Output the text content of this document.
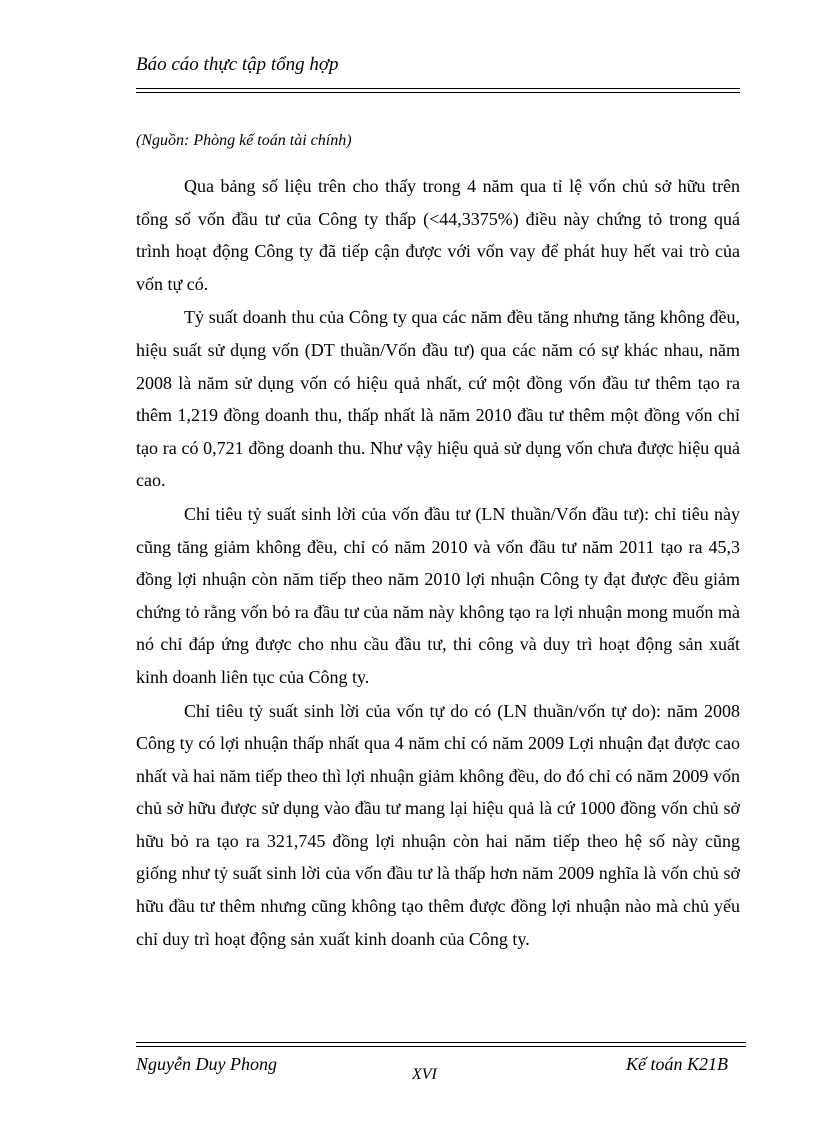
Báo cáo thực tập tổng hợp
(Nguồn: Phòng kế toán tài chính)

Qua bảng số liệu trên cho thấy trong 4 năm qua tỉ lệ vốn chủ sở hữu trên tổng số vốn đầu tư của Công ty thấp (<44,3375%) điều này chứng tỏ trong quá trình hoạt động Công ty đã tiếp cận được với vốn vay để phát huy hết vai trò của vốn tự có.

Tỷ suất doanh thu của Công ty qua các năm đều tăng nhưng tăng không đều, hiệu suất sử dụng vốn (DT thuần/Vốn đầu tư) qua các năm có sự khác nhau, năm 2008 là năm sử dụng vốn có hiệu quả nhất, cứ một đồng vốn đầu tư thêm tạo ra thêm 1,219 đồng doanh thu, thấp nhất là năm 2010 đầu tư thêm một đồng vốn chỉ tạo ra có 0,721 đồng doanh thu. Như vậy hiệu quả sử dụng vốn chưa được hiệu quả cao.

Chỉ tiêu tỷ suất sinh lời của vốn đầu tư (LN thuần/Vốn đầu tư): chỉ tiêu này cũng tăng giảm không đều, chỉ có năm 2010 và vốn đầu tư năm 2011 tạo ra 45,3 đồng lợi nhuận còn năm tiếp theo năm 2010 lợi nhuận Công ty đạt được đều giảm chứng tỏ rằng vốn bỏ ra đầu tư của năm này không tạo ra lợi nhuận mong muốn mà nó chỉ đáp ứng được cho nhu cầu đầu tư, thi công và duy trì hoạt động sản xuất kinh doanh liên tục của Công ty.

Chỉ tiêu tỷ suất sinh lời của vốn tự do có (LN thuần/vốn tự do): năm 2008 Công ty có lợi nhuận thấp nhất qua 4 năm chỉ có năm 2009 Lợi nhuận đạt được cao nhất và hai năm tiếp theo thì lợi nhuận giảm không đều, do đó chỉ có năm 2009 vốn chủ sở hữu được sử dụng vào đầu tư mang lại hiệu quả là cứ 1000 đồng vốn chủ sở hữu bỏ ra tạo ra 321,745 đồng lợi nhuận còn hai năm tiếp theo hệ số này cũng giống như tỷ suất sinh lời của vốn đầu tư là thấp hơn năm 2009 nghĩa là vốn chủ sở hữu đầu tư thêm nhưng cũng không tạo thêm được đồng lợi nhuận nào mà chủ yếu chỉ duy trì hoạt động sản xuất kinh doanh của Công ty.

Nguyễn Duy Phong	Kế toán K21B
XVI
